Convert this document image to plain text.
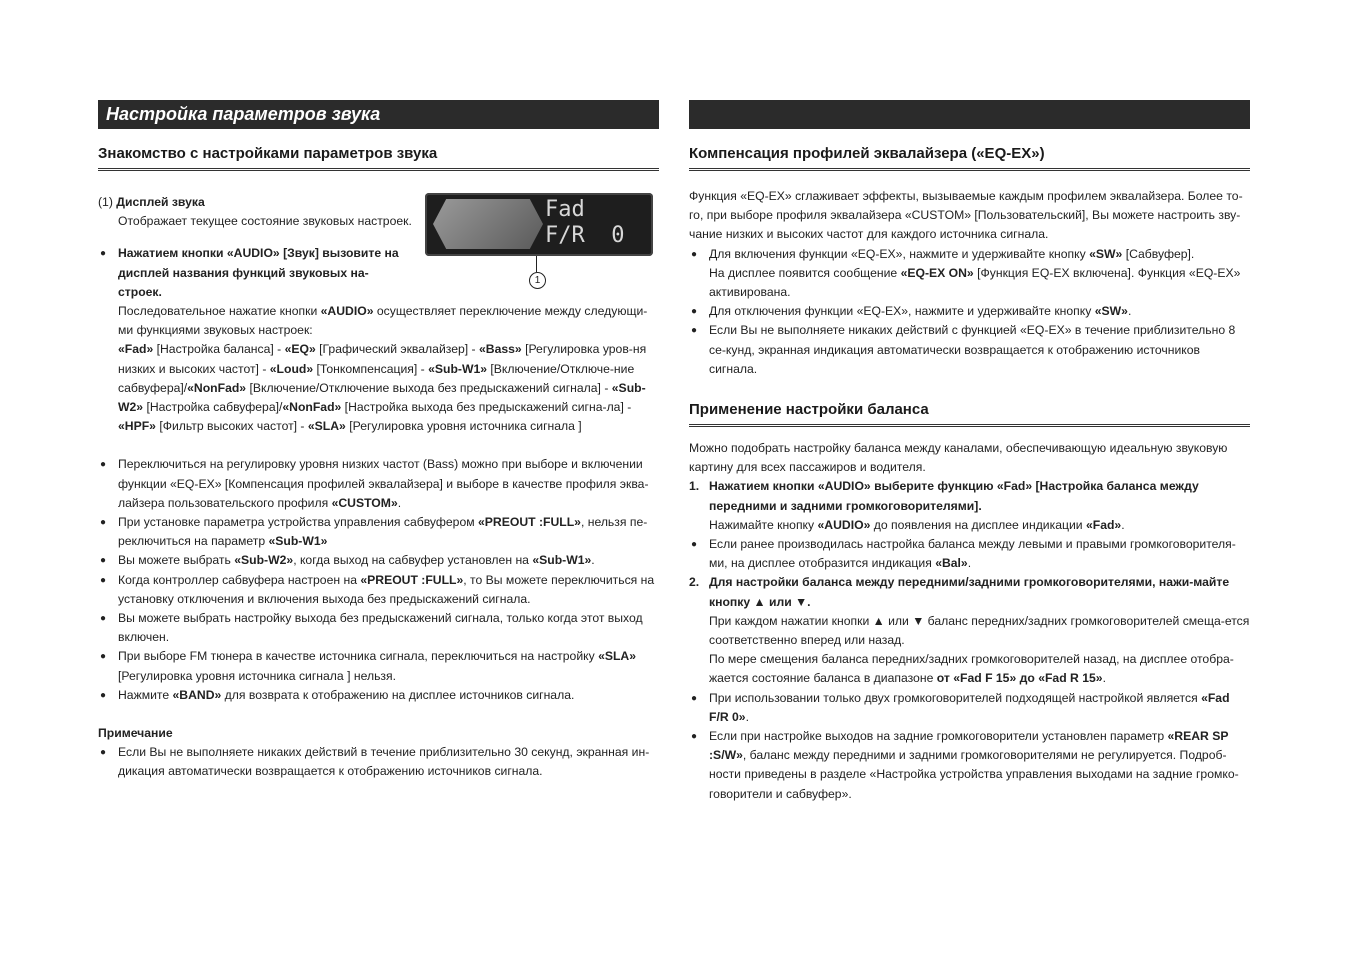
Настройка параметров звука
Знакомство с настройками параметров звука

(1) Дисплей звука

Отображает текущее состояние звуковых настроек.

● Нажатием кнопки «AUDIO» [Звук] вызовите на дисплей названия функций звуковых на-строек.
Последовательное нажатие кнопки «AUDIO» осуществляет переключение между следующи-ми функциями звуковых настроек:
«Fad» [Настройка баланса] - «EQ» [Графический эквалайзер] - «Bass» [Регулировка уров-ня низких и высоких частот] - «Loud» [Тонкомпенсация] - «Sub-W1» [Включение/Отключе-ние сабвуфера]/«NonFad» [Включение/Отключение выхода без предыскажений сигнала] - «Sub-W2» [Настройка сабвуфера]/«NonFad» [Настройка выхода без предыскажений сигна-ла] - «HPF» [Фильтр высоких частот] - «SLA» [Регулировка уровня источника сигнала ]

● Переключиться на регулировку уровня низких частот (Bass) можно при выборе и включении функции «EQ-EX» [Компенсация профилей эквалайзера] и выборе в качестве профиля эква-лайзера пользовательского профиля «CUSTOM».

● При установке параметра устройства управления сабвуфером «PREOUT :FULL», нельзя пе-реключиться на параметр «Sub-W1»

● Вы можете выбрать «Sub-W2», когда выход на сабвуфер установлен на «Sub-W1».

● Когда контроллер сабвуфера настроен на «PREOUT :FULL», то Вы можете переключиться на установку отключения и включения выхода без предыскажений сигнала.

● Вы можете выбрать настройку выхода без предыскажений сигнала, только когда этот выход включен.

● При выборе FM тюнера в качестве источника сигнала, переключиться на настройку «SLA» [Регулировка уровня источника сигнала ] нельзя.

● Нажмите «BAND» для возврата к отображению на дисплее источников сигнала.

Примечание

● Если Вы не выполняете никаких действий в течение приблизительно 30 секунд, экранная ин-дикация автоматически возвращается к отображению источников сигнала.

Fad
F/R  0
1
Компенсация профилей эквалайзера («EQ-EX»)

Функция «EQ-EX» сглаживает эффекты, вызываемые каждым профилем эквалайзера. Более то-го, при выборе профиля эквалайзера «CUSTOM» [Пользовательский], Вы можете настроить зву-чание низких и высоких частот для каждого источника сигнала.

● Для включения функции «EQ-EX», нажмите и удерживайте кнопку «SW» [Сабвуфер].
На дисплее появится сообщение «EQ-EX ON» [Функция EQ-EX включена]. Функция «EQ-EX» активирована.

● Для отключения функции «EQ-EX», нажмите и удерживайте кнопку «SW».

● Если Вы не выполняете никаких действий с функцией «EQ-EX» в течение приблизительно 8 се-кунд, экранная индикация автоматически возвращается к отображению источников сигнала.

Применение настройки баланса

Можно подобрать настройку баланса между каналами, обеспечивающую идеальную звуковую картину для всех пассажиров и водителя.

1. Нажатием кнопки «AUDIO» выберите функцию «Fad» [Настройка баланса между передними и задними громкоговорителями].

Нажимайте кнопку «AUDIO» до появления на дисплее индикации «Fad».

● Если ранее производилась настройка баланса между левыми и правыми громкоговорителя-ми, на дисплее отобразится индикация «Bal».

2. Для настройки баланса между передними/задними громкоговорителями, нажи-майте кнопку ▲ или ▼.

При каждом нажатии кнопки ▲ или ▼ баланс передних/задних громкоговорителей смеща-ется соответственно вперед или назад.
По мере смещения баланса передних/задних громкоговорителей назад, на дисплее отобра-жается состояние баланса в диапазоне от «Fad F 15» до «Fad R 15».

● При использовании только двух громкоговорителей подходящей настройкой является «Fad F/R 0».

● Если при настройке выходов на задние громкоговорители установлен параметр «REAR SP :S/W», баланс между передними и задними громкоговорителями не регулируется. Подроб-ности приведены в разделе «Настройка устройства управления выходами на задние громко-говорители и сабвуфер».
